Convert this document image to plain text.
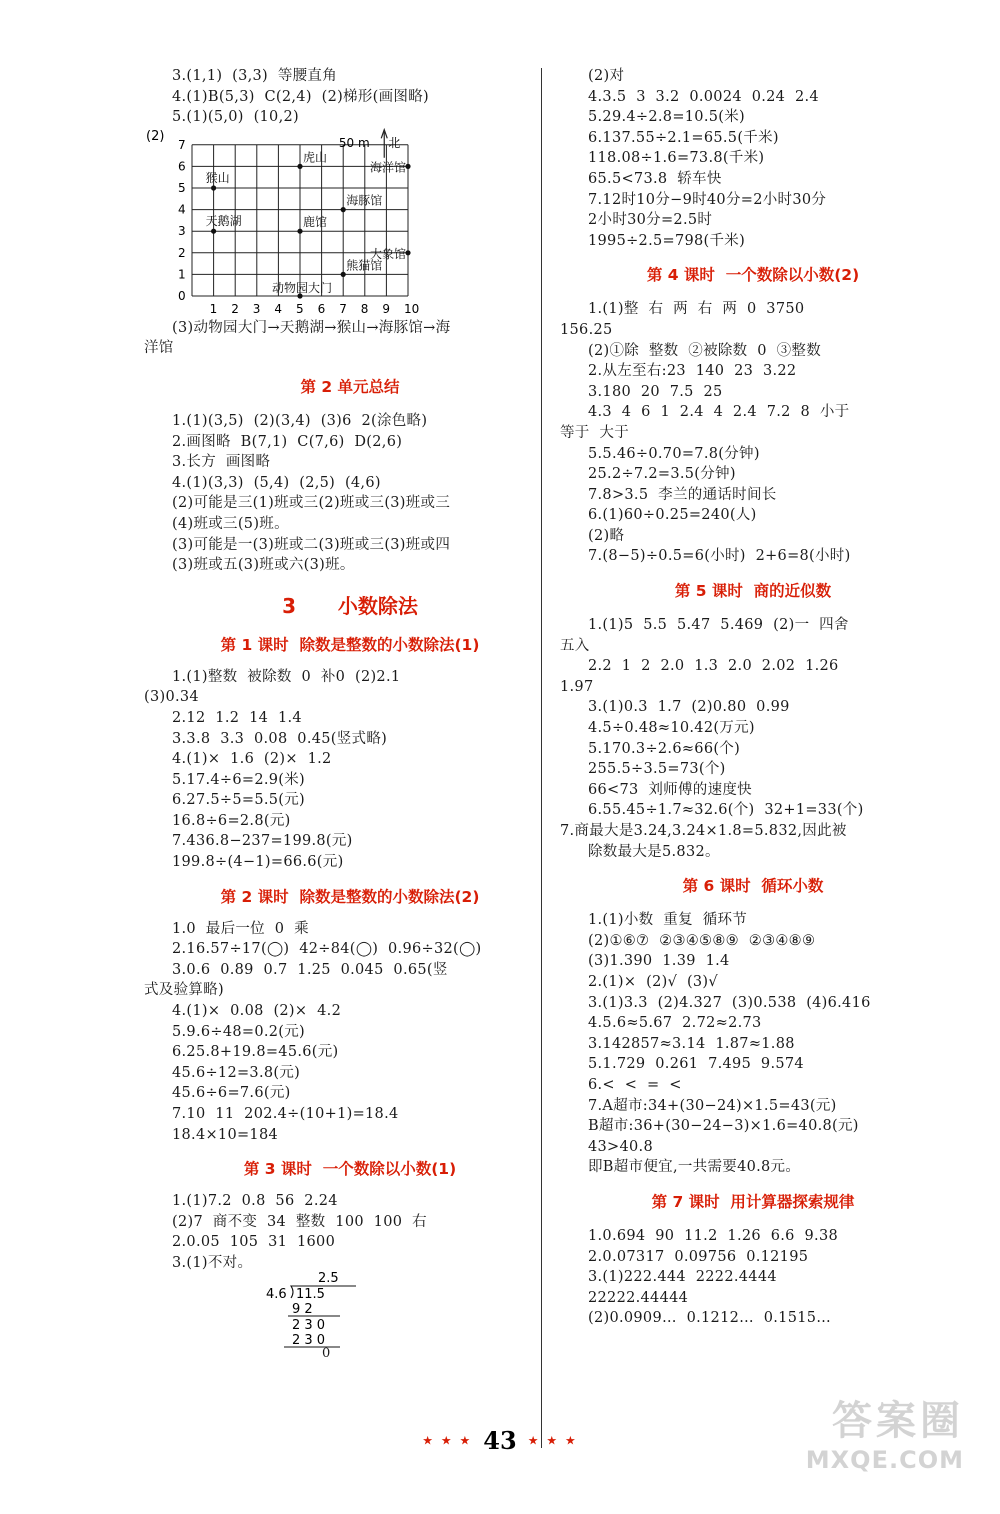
3.(1,1)  (3,3)  等腰直角
4.(1)B(5,3)  C(2,4)  (2)梯形(画图略)
5.(1)(5,0)  (10,2)
(2)
1 2 3 4 5 6 7 8 9 10
0
1
2
3
4
5
6
7	50 m 北
虎山
海洋馆
猴山
海豚馆
鹿馆
天鹅湖
熊猫馆
大象馆
动物园大门
(3)动物园大门→天鹅湖→猴山→海豚馆→海
洋馆
第 2 单元总结
1.(1)(3,5)  (2)(3,4)  (3)6  2(涂色略)
2.画图略  B(7,1)  C(7,6)  D(2,6)
3.长方  画图略
4.(1)(3,3)  (5,4)  (2,5)  (4,6)
(2)可能是三(1)班或三(2)班或三(3)班或三
(4)班或三(5)班。
(3)可能是一(3)班或二(3)班或三(3)班或四
(3)班或五(3)班或六(3)班。
3  小数除法
第 1 课时  除数是整数的小数除法(1)
1.(1)整数  被除数  0  补0  (2)2.1
(3)0.34
2.12  1.2  14  1.4
3.3.8  3.3  0.08  0.45(竖式略)
4.(1)×  1.6  (2)×  1.2
5.17.4÷6=2.9(米)
6.27.5÷5=5.5(元)
16.8÷6=2.8(元)
7.436.8−237=199.8(元)
199.8÷(4−1)=66.6(元)
第 2 课时  除数是整数的小数除法(2)
1.0  最后一位  0  乘
2.16.57÷17(◯)  42÷84(◯)  0.96÷32(◯)
3.0.6  0.89  0.7  1.25  0.045  0.65(竖
式及验算略)
4.(1)×  0.08  (2)×  4.2
5.9.6÷48=0.2(元)
6.25.8+19.8=45.6(元)
45.6÷12=3.8(元)
45.6÷6=7.6(元)
7.10  11  202.4÷(10+1)=18.4
18.4×10=184
第 3 课时  一个数除以小数(1)
1.(1)7.2  0.8  56  2.24
(2)7  商不变  34  整数  100  100  右
2.0.05  105  31  1600
3.(1)不对。
2.5
4.6 11.5
9 2
2 3 0
2 3 0
0
(2)对
4.3.5  3  3.2  0.0024  0.24  2.4
5.29.4÷2.8=10.5(米)
6.137.55÷2.1=65.5(千米)
118.08÷1.6=73.8(千米)
65.5<73.8  轿车快
7.12时10分−9时40分=2小时30分
2小时30分=2.5时
1995÷2.5=798(千米)
第 4 课时  一个数除以小数(2)
1.(1)整  右  两  右  两  0  3750
156.25
(2)①除  整数  ②被除数  0  ③整数
2.从左至右:23  140  23  3.22
3.180  20  7.5  25
4.3  4  6  1  2.4  4  2.4  7.2  8  小于
等于  大于
5.5.46÷0.70=7.8(分钟)
25.2÷7.2=3.5(分钟)
7.8>3.5  李兰的通话时间长
6.(1)60÷0.25=240(人)
(2)略
7.(8−5)÷0.5=6(小时)  2+6=8(小时)
第 5 课时  商的近似数
1.(1)5  5.5  5.47  5.469  (2)一  四舍
五入
2.2  1  2  2.0  1.3  2.0  2.02  1.26
1.97
3.(1)0.3  1.7  (2)0.80  0.99
4.5÷0.48≈10.42(万元)
5.170.3÷2.6≈66(个)
255.5÷3.5=73(个)
66<73  刘师傅的速度快
6.55.45÷1.7≈32.6(个)  32+1=33(个)
7.商最大是3.24,3.24×1.8=5.832,因此被
除数最大是5.832。
第 6 课时  循环小数
1.(1)小数  重复  循环节
(2)①⑥⑦  ②③④⑤⑧⑨  ②③④⑧⑨
(3)1.390  1.39  1.4
2.(1)×  (2)√  (3)√
3.(1)3.3  (2)4.327  (3)0.538  (4)6.416
4.5.6≈5.67  2.72≈2.73
3.142857≈3.14  1.87≈1.88
5.1.729  0.261  7.495  9.574
6.<  <  =  <
7.A超市:34+(30−24)×1.5=43(元)
B超市:36+(30−24−3)×1.6=40.8(元)
43>40.8
即B超市便宜,一共需要40.8元。
第 7 课时  用计算器探索规律
1.0.694  90  11.2  1.26  6.6  9.38
2.0.07317  0.09756  0.12195
3.(1)222.444  2222.4444
22222.44444
(2)0.0909…  0.1212…  0.1515…
★ ★ ★ 43 ★ ★ ★	答案圈
MXQE.COM
